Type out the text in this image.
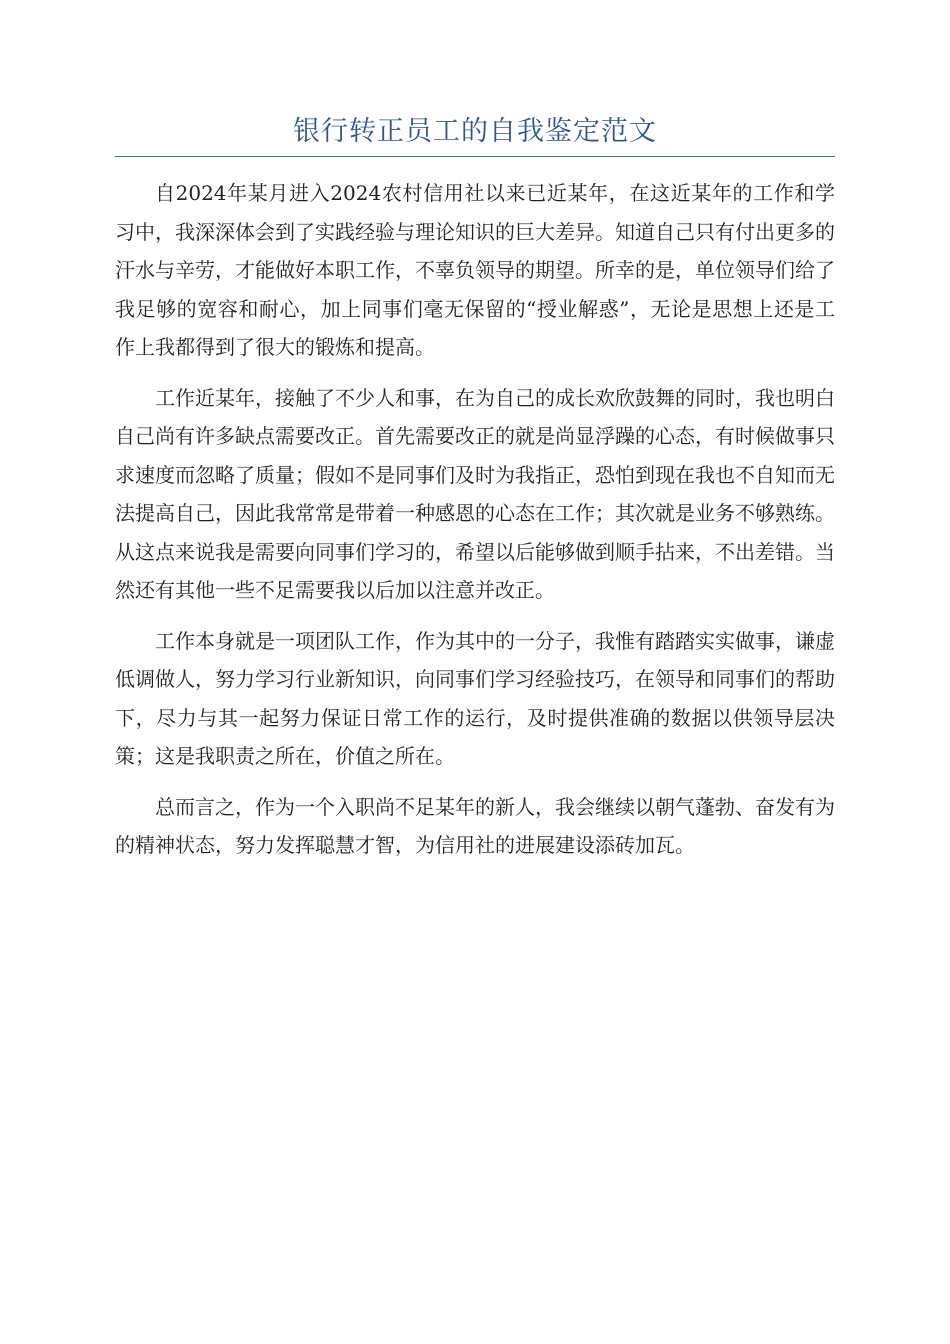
银行转正员工的自我鉴定范文

自2024年某月进入2024农村信用社以来已近某年，在这近某年的工作和学习中，我深深体会到了实践经验与理论知识的巨大差异。知道自己只有付出更多的汗水与辛劳，才能做好本职工作，不辜负领导的期望。所幸的是，单位领导们给了我足够的宽容和耐心，加上同事们毫无保留的“授业解惑”，无论是思想上还是工作上我都得到了很大的锻炼和提高。

工作近某年，接触了不少人和事，在为自己的成长欢欣鼓舞的同时，我也明白自己尚有许多缺点需要改正。首先需要改正的就是尚显浮躁的心态，有时候做事只求速度而忽略了质量；假如不是同事们及时为我指正，恐怕到现在我也不自知而无法提高自己，因此我常常是带着一种感恩的心态在工作；其次就是业务不够熟练。从这点来说我是需要向同事们学习的，希望以后能够做到顺手拈来，不出差错。当然还有其他一些不足需要我以后加以注意并改正。

工作本身就是一项团队工作，作为其中的一分子，我惟有踏踏实实做事，谦虚低调做人，努力学习行业新知识，向同事们学习经验技巧，在领导和同事们的帮助下，尽力与其一起努力保证日常工作的运行，及时提供准确的数据以供领导层决策；这是我职责之所在，价值之所在。

总而言之，作为一个入职尚不足某年的新人，我会继续以朝气蓬勃、奋发有为的精神状态，努力发挥聪慧才智，为信用社的进展建设添砖加瓦。
